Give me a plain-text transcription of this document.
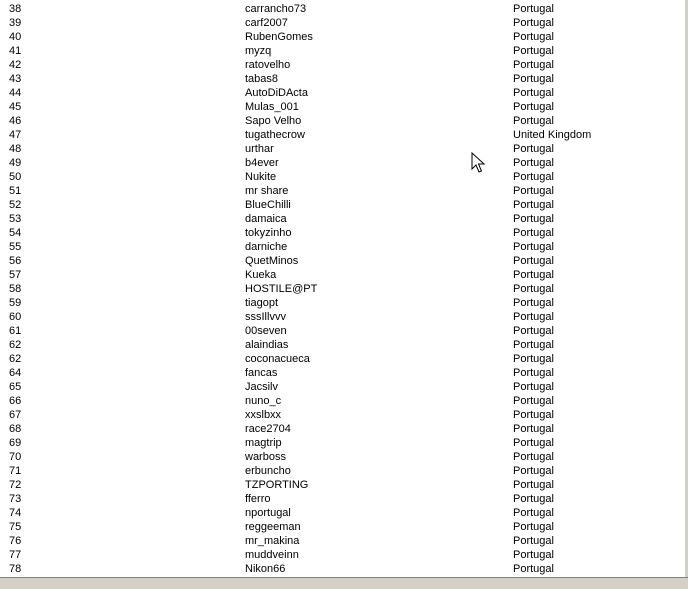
38	carrancho73	Portugal
39	carf2007	Portugal
40	RubenGomes	Portugal
41	myzq	Portugal
42	ratovelho	Portugal
43	tabas8	Portugal
44	AutoDiDActa	Portugal
45	Mulas_001	Portugal
46	Sapo Velho	Portugal
47	tugathecrow	United Kingdom
48	urthar	Portugal
49	b4ever	Portugal
50	Nukite	Portugal
51	mr share	Portugal
52	BlueChilli	Portugal
53	damaica	Portugal
54	tokyzinho	Portugal
55	darniche	Portugal
56	QuetMinos	Portugal
57	Kueka	Portugal
58	HOSTILE@PT	Portugal
59	tiagopt	Portugal
60	sssIllvvv	Portugal
61	00seven	Portugal
62	alaindias	Portugal
62	coconacueca	Portugal
64	fancas	Portugal
65	Jacsilv	Portugal
66	nuno_c	Portugal
67	xxslbxx	Portugal
68	race2704	Portugal
69	magtrip	Portugal
70	warboss	Portugal
71	erbuncho	Portugal
72	TZPORTING	Portugal
73	fferro	Portugal
74	nportugal	Portugal
75	reggeeman	Portugal
76	mr_makina	Portugal
77	muddveinn	Portugal
78	Nikon66	Portugal
